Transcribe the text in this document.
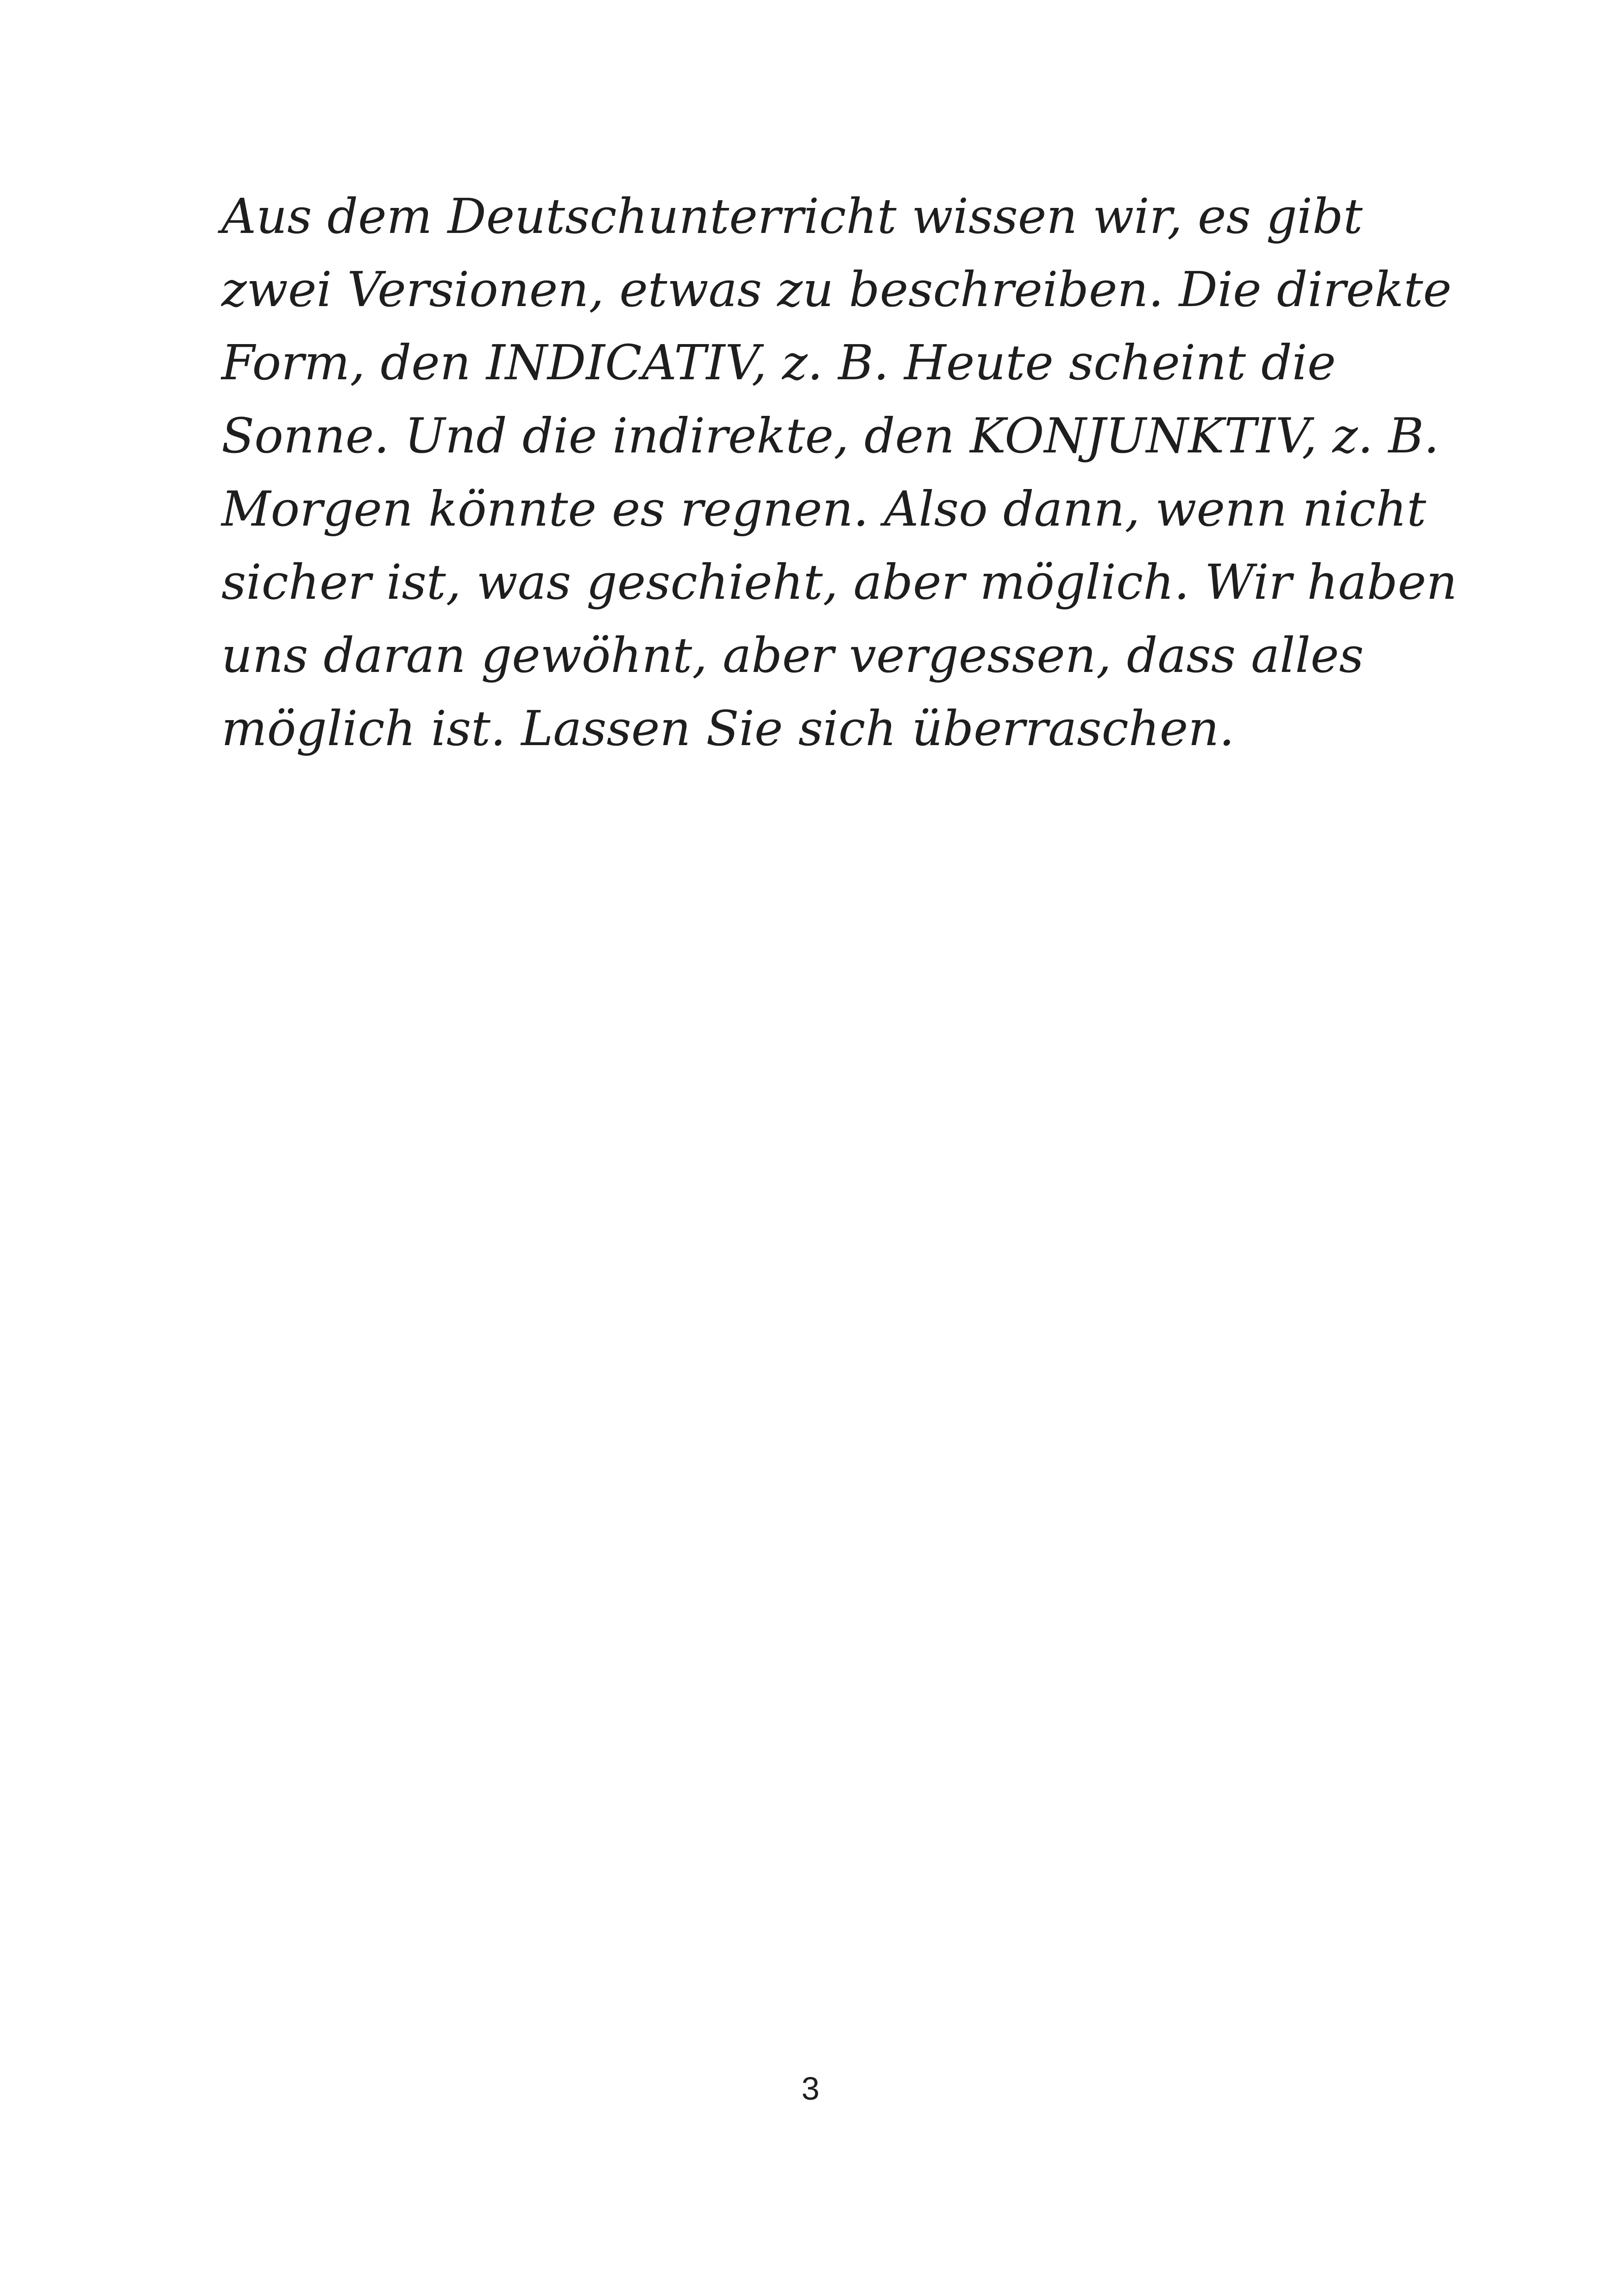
Aus dem Deutschunterricht wissen wir, es gibt
zwei Versionen, etwas zu beschreiben. Die direkte
Form, den INDICATIV, z. B. Heute scheint die
Sonne. Und die indirekte, den KONJUNKTIV, z. B.
Morgen könnte es regnen. Also dann, wenn nicht
sicher ist, was geschieht, aber möglich. Wir haben
uns daran gewöhnt, aber vergessen, dass alles
möglich ist. Lassen Sie sich überraschen.

3
